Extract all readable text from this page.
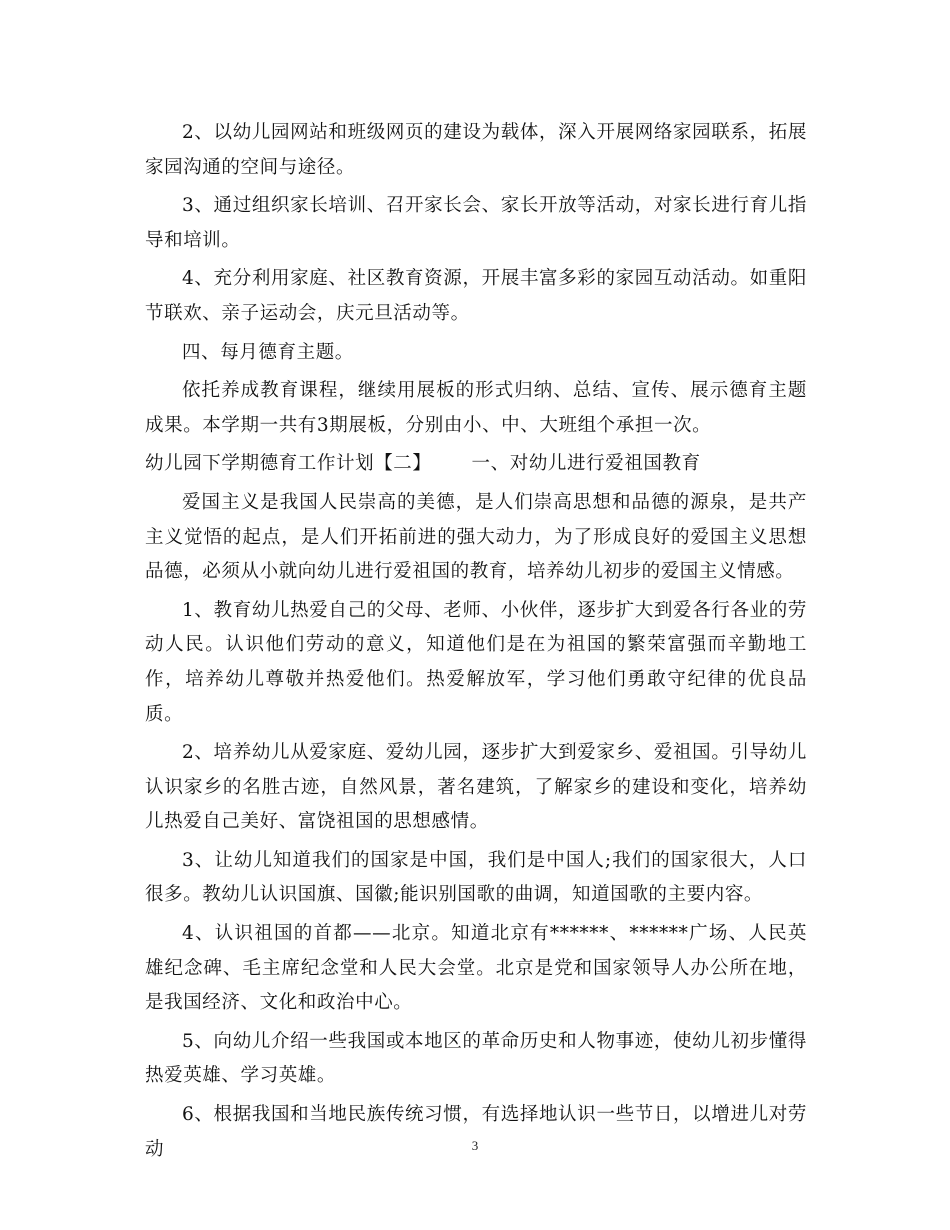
2、以幼儿园网站和班级网页的建设为载体，深入开展网络家园联系，拓展家园沟通的空间与途径。

3、通过组织家长培训、召开家长会、家长开放等活动，对家长进行育儿指导和培训。

4、充分利用家庭、社区教育资源，开展丰富多彩的家园互动活动。如重阳节联欢、亲子运动会，庆元旦活动等。

四、每月德育主题。

依托养成教育课程，继续用展板的形式归纳、总结、宣传、展示德育主题成果。本学期一共有3期展板，分别由小、中、大班组个承担一次。

幼儿园下学期德育工作计划【二】 一、对幼儿进行爱祖国教育

爱国主义是我国人民崇高的美德，是人们崇高思想和品德的源泉，是共产主义觉悟的起点，是人们开拓前进的强大动力，为了形成良好的爱国主义思想品德，必须从小就向幼儿进行爱祖国的教育，培养幼儿初步的爱国主义情感。

1、教育幼儿热爱自己的父母、老师、小伙伴，逐步扩大到爱各行各业的劳动人民。认识他们劳动的意义，知道他们是在为祖国的繁荣富强而辛勤地工作，培养幼儿尊敬并热爱他们。热爱解放军，学习他们勇敢守纪律的优良品质。

2、培养幼儿从爱家庭、爱幼儿园，逐步扩大到爱家乡、爱祖国。引导幼儿认识家乡的名胜古迹，自然风景，著名建筑，了解家乡的建设和变化，培养幼儿热爱自己美好、富饶祖国的思想感情。

3、让幼儿知道我们的国家是中国，我们是中国人;我们的国家很大，人口很多。教幼儿认识国旗、国徽;能识别国歌的曲调，知道国歌的主要内容。

4、认识祖国的首都——北京。知道北京有******、******广场、人民英雄纪念碑、毛主席纪念堂和人民大会堂。北京是党和国家领导人办公所在地，是我国经济、文化和政治中心。

5、向幼儿介绍一些我国或本地区的革命历史和人物事迹，使幼儿初步懂得热爱英雄、学习英雄。

6、根据我国和当地民族传统习惯，有选择地认识一些节日，以增进儿对劳动	3
